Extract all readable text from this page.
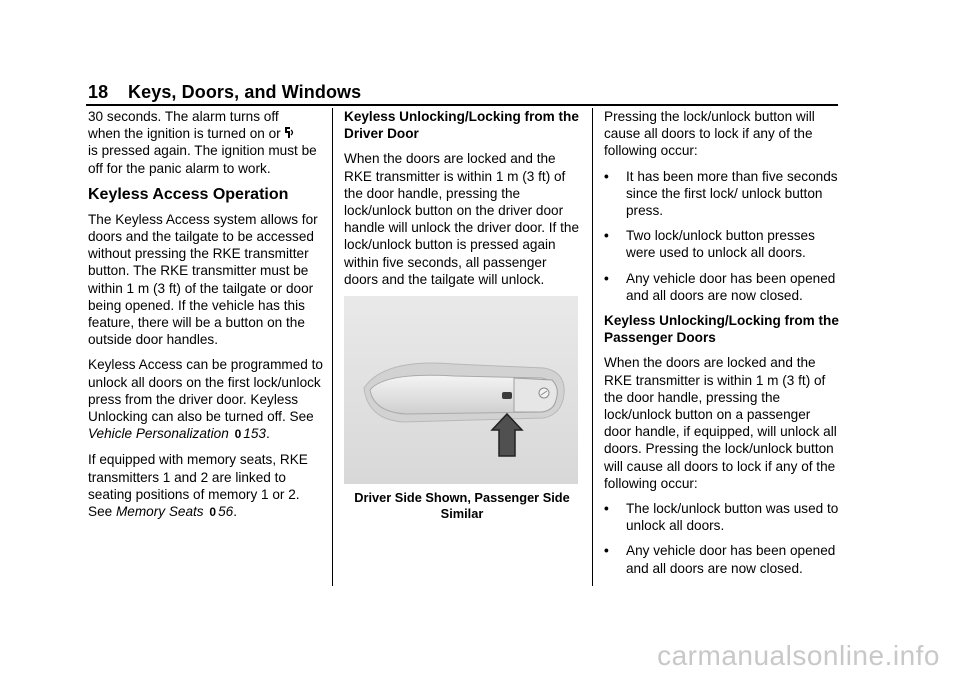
18 Keys, Doors, and Windows

30 seconds. The alarm turns off
when the ignition is turned on or
is pressed again. The ignition must be off for the panic alarm to work.

Keyless Access Operation

The Keyless Access system allows for doors and the tailgate to be accessed without pressing the RKE transmitter button. The RKE transmitter must be within 1 m (3 ft) of the tailgate or door being opened. If the vehicle has this feature, there will be a button on the outside door handles.

Keyless Access can be programmed to unlock all doors on the first lock/unlock press from the driver door. Keyless Unlocking can also be turned off. See Vehicle Personalization 0 153.

If equipped with memory seats, RKE transmitters 1 and 2 are linked to seating positions of memory 1 or 2. See Memory Seats 0 56.

Keyless Unlocking/Locking from the Driver Door

When the doors are locked and the RKE transmitter is within 1 m (3 ft) of the door handle, pressing the lock/unlock button on the driver door handle will unlock the driver door. If the lock/unlock button is pressed again within five seconds, all passenger doors and the tailgate will unlock.

Driver Side Shown, Passenger Side Similar

Pressing the lock/unlock button will cause all doors to lock if any of the following occur:

• It has been more than five seconds since the first lock/ unlock button press.
• Two lock/unlock button presses were used to unlock all doors.
• Any vehicle door has been opened and all doors are now closed.
Keyless Unlocking/Locking from the Passenger Doors

When the doors are locked and the RKE transmitter is within 1 m (3 ft) of the door handle, pressing the lock/unlock button on a passenger door handle, if equipped, will unlock all doors. Pressing the lock/unlock button will cause all doors to lock if any of the following occur:

• The lock/unlock button was used to unlock all doors.
• Any vehicle door has been opened and all doors are now closed.
carmanualsonline.info
